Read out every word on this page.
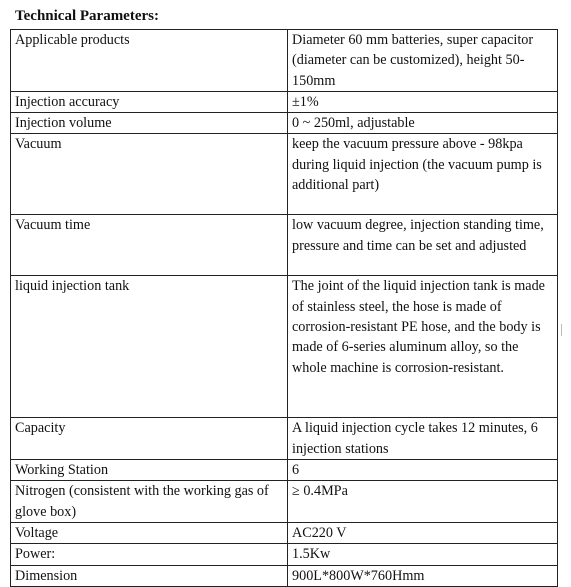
Technical Parameters:
Applicable products	Diameter 60 mm batteries, super capacitor (diameter can be customized), height 50-150mm
Injection accuracy	±1%
Injection volume	0 ~ 250ml, adjustable
Vacuum	keep the vacuum pressure above - 98kpa during liquid injection (the vacuum pump is additional part)
Vacuum time	low vacuum degree, injection standing time, pressure and time can be set and adjusted
liquid injection tank	The joint of the liquid injection tank is made of stainless steel, the hose is made of corrosion-resistant PE hose, and the body is made of 6-series aluminum alloy, so the whole machine is corrosion-resistant.
Capacity	A liquid injection cycle takes 12 minutes, 6 injection stations
Working Station	6
Nitrogen (consistent with the working gas of glove box)	≥ 0.4MPa
Voltage	AC220 V
Power:	1.5Kw
Dimension	900L*800W*760Hmm
